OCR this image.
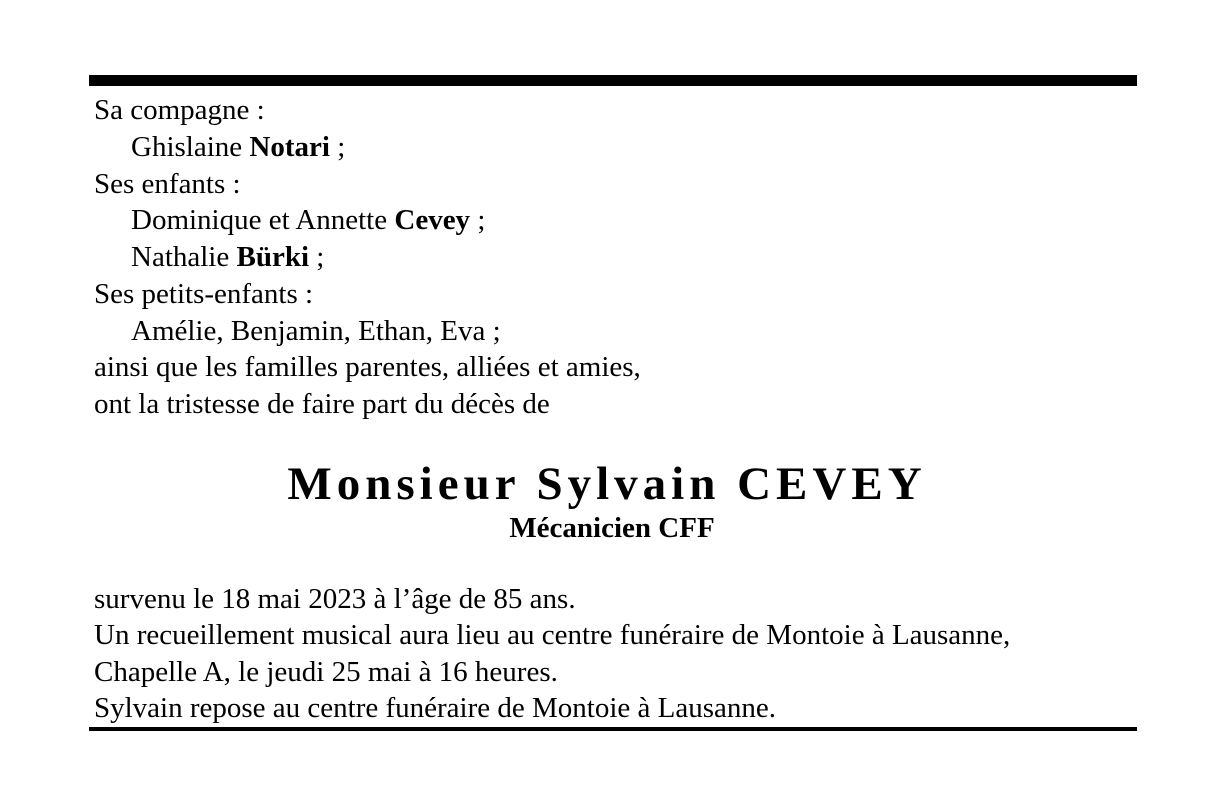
Sa compagne :
Ghislaine Notari ;
Ses enfants :
Dominique et Annette Cevey ;
Nathalie Bürki ;
Ses petits-enfants :
Amélie, Benjamin, Ethan, Eva ;
ainsi que les familles parentes, alliées et amies,
ont la tristesse de faire part du décès de
Monsieur Sylvain CEVEY
Mécanicien CFF
survenu le 18 mai 2023 à l’âge de 85 ans.
Un recueillement musical aura lieu au centre funéraire de Montoie à Lausanne,
Chapelle A, le jeudi 25 mai à 16 heures.
Sylvain repose au centre funéraire de Montoie à Lausanne.
